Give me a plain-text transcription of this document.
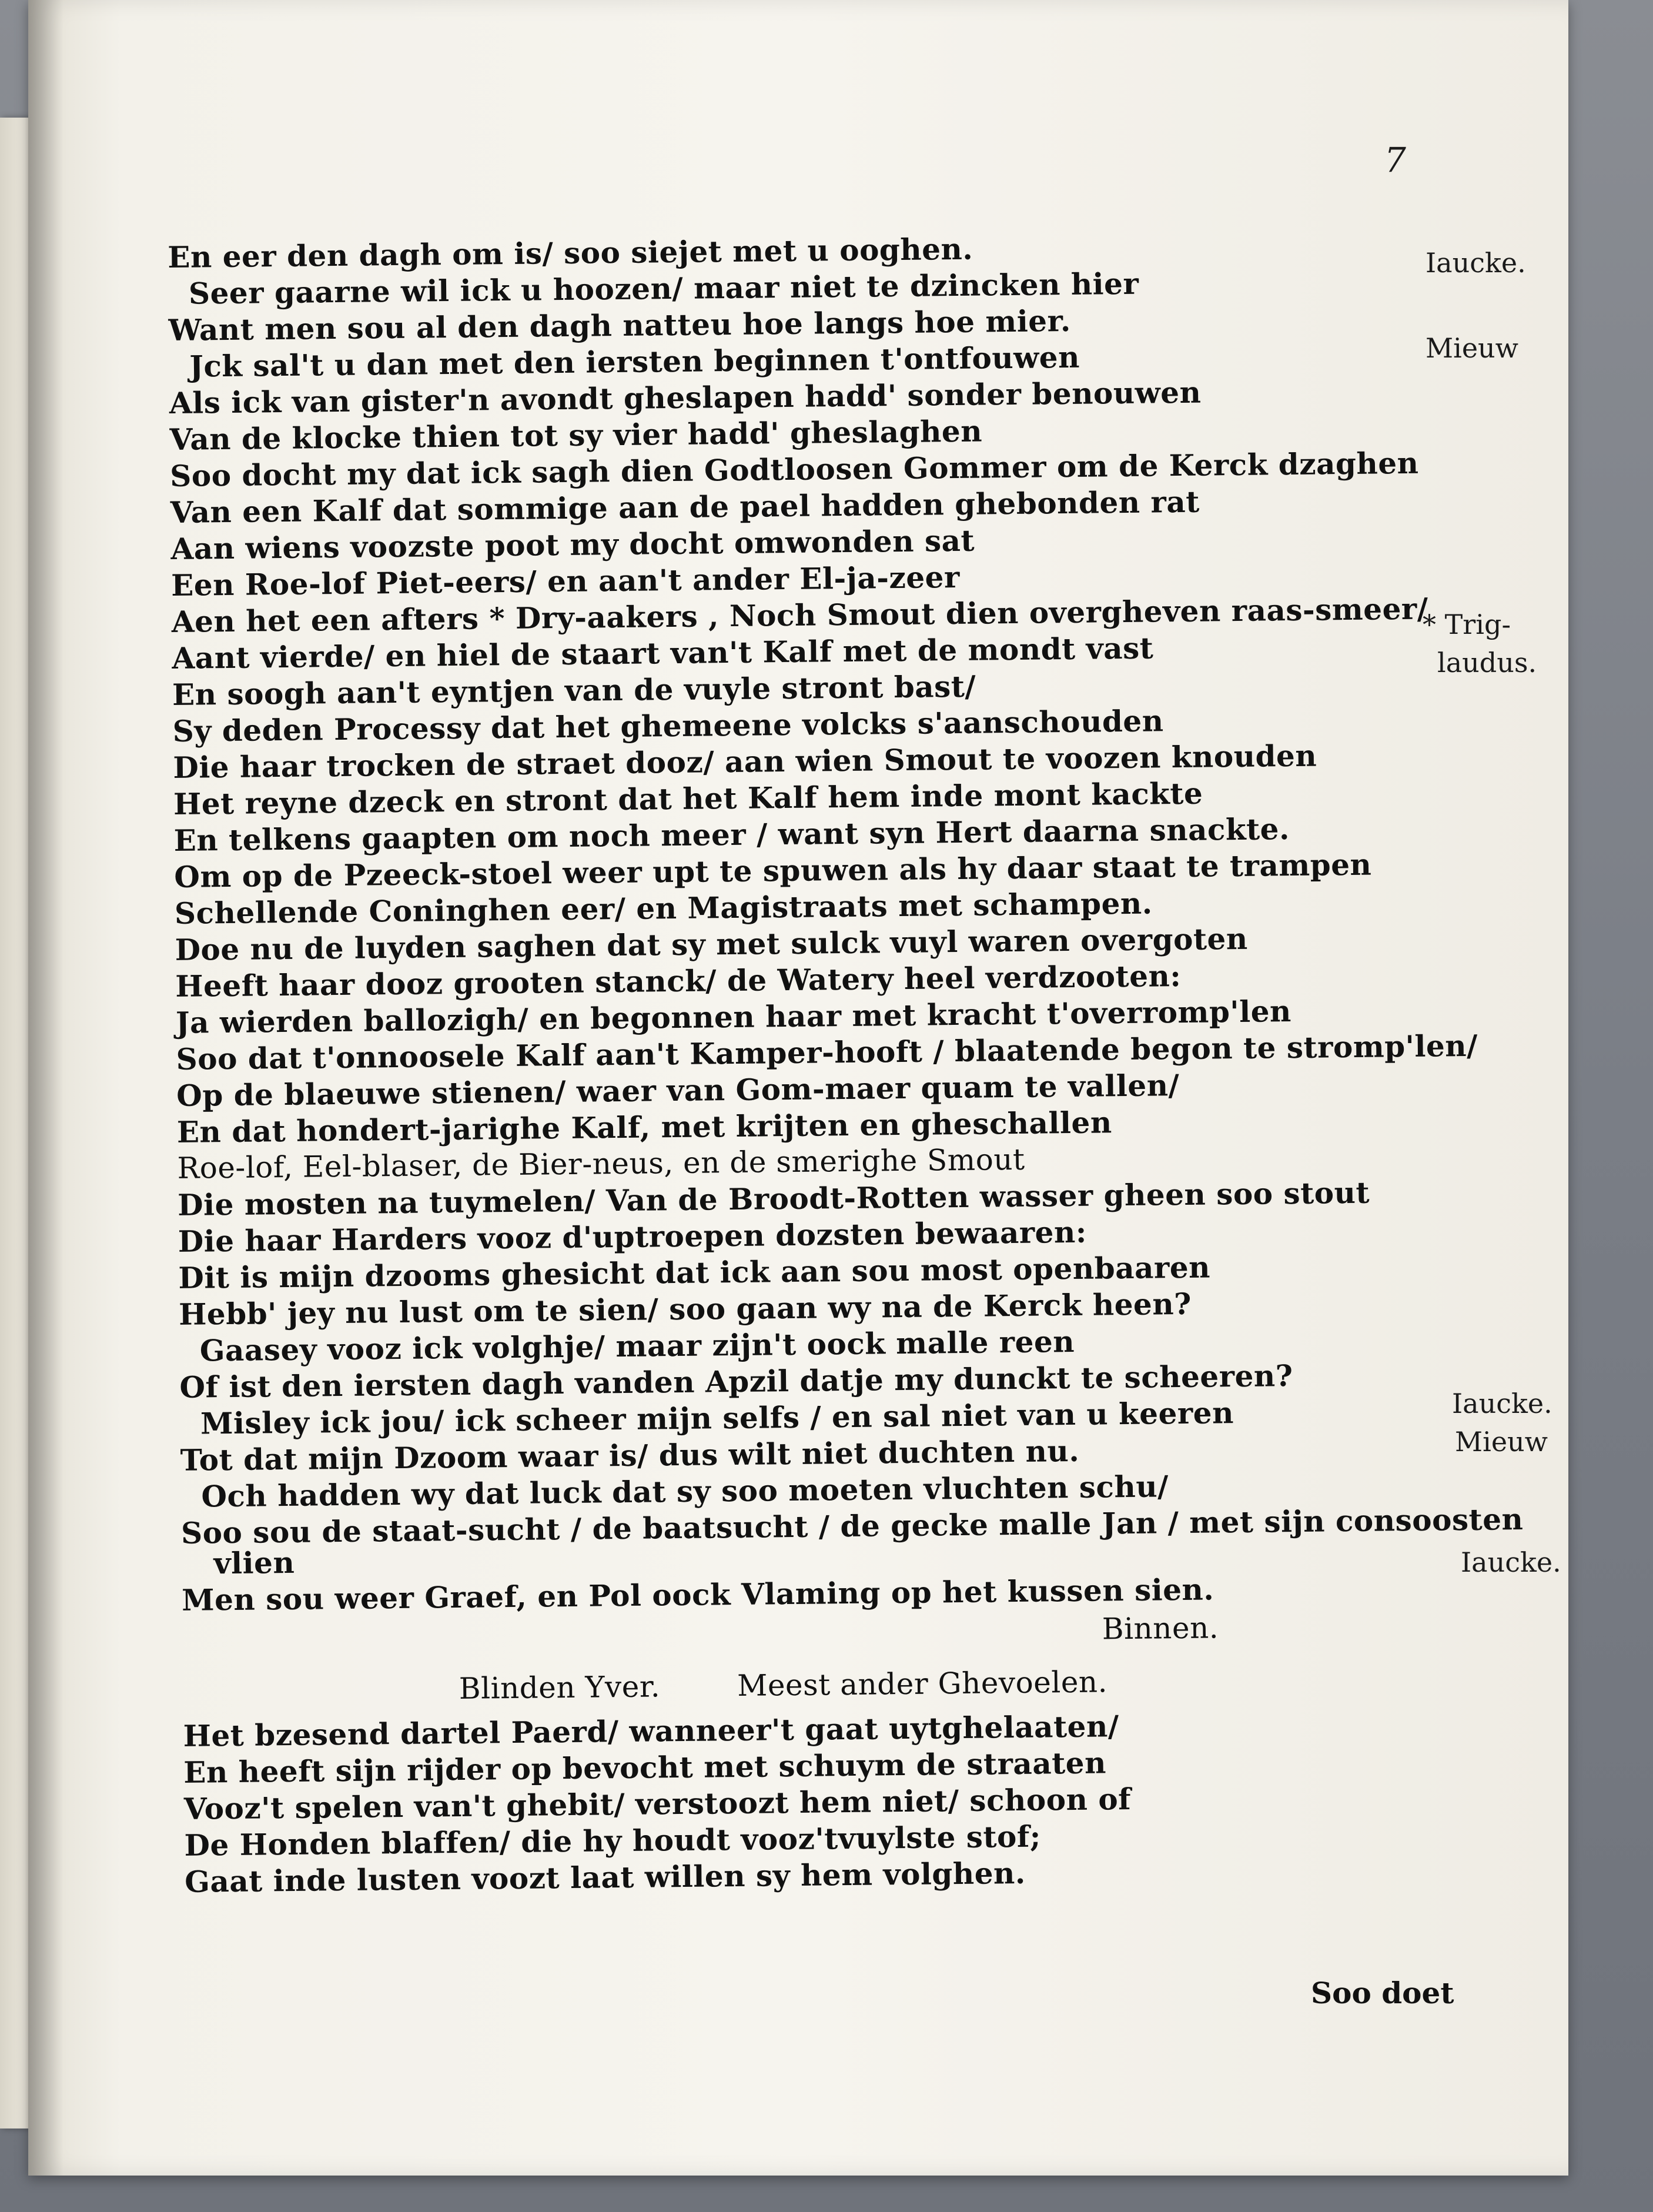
7
En eer den dagh om is/ soo siejet met u ooghen.
Seer gaarne wil ick u hoozen/ maar niet te dzincken hier
Want men sou al den dagh natteu hoe langs hoe mier.
Jck sal't u dan met den iersten beginnen t'ontfouwen
Als ick van gister'n avondt gheslapen hadd' sonder benouwen
Van de klocke thien tot sy vier hadd' gheslaghen
Soo docht my dat ick sagh dien Godtloosen Gommer om de Kerck dzaghen
Van een Kalf dat sommige aan de pael hadden ghebonden rat
Aan wiens voozste poot my docht omwonden sat
Een Roe-lof Piet-eers/ en aan't ander El-ja-zeer
Aen het een afters * Dry-aakers , Noch Smout dien overgheven raas-smeer/
Aant vierde/ en hiel de staart van't Kalf met de mondt vast
En soogh aan't eyntjen van de vuyle stront bast/
Sy deden Processy dat het ghemeene volcks s'aanschouden
Die haar trocken de straet dooz/ aan wien Smout te voozen knouden
Het reyne dzeck en stront dat het Kalf hem inde mont kackte
En telkens gaapten om noch meer / want syn Hert daarna snackte.
Om op de Pzeeck-stoel weer upt te spuwen als hy daar staat te trampen
Schellende Coninghen eer/ en Magistraats met schampen.
Doe nu de luyden saghen dat sy met sulck vuyl waren overgoten
Heeft haar dooz grooten stanck/ de Watery heel verdzooten:
Ja wierden ballozigh/ en begonnen haar met kracht t'overromp'len
Soo dat t'onnoosele Kalf aan't Kamper-hooft / blaatende begon te stromp'len/
Op de blaeuwe stienen/ waer van Gom-maer quam te vallen/
En dat hondert-jarighe Kalf, met krijten en gheschallen
Roe-lof, Eel-blaser, de Bier-neus, en de smerighe Smout
Die mosten na tuymelen/ Van de Broodt-Rotten wasser gheen soo stout
Die haar Harders vooz d'uptroepen dozsten bewaaren:
Dit is mijn dzooms ghesicht dat ick aan sou most openbaaren
Hebb' jey nu lust om te sien/ soo gaan wy na de Kerck heen?
Gaasey vooz ick volghje/ maar zijn't oock malle reen
Of ist den iersten dagh vanden Apzil datje my dunckt te scheeren?
Misley ick jou/ ick scheer mijn selfs / en sal niet van u keeren
Tot dat mijn Dzoom waar is/ dus wilt niet duchten nu.
Och hadden wy dat luck dat sy soo moeten vluchten schu/
Soo sou de staat-sucht / de baatsucht / de gecke malle Jan / met sijn consoosten
vlien
Men sou weer Graef, en Pol oock Vlaming op het kussen sien.
Binnen.
Blinden Yver.        Meest ander Ghevoelen.
Het bzesend dartel Paerd/ wanneer't gaat uytghelaaten/
En heeft sijn rijder op bevocht met schuym de straaten
Vooz't spelen van't ghebit/ verstoozt hem niet/ schoon of
De Honden blaffen/ die hy houdt vooz'tvuylste stof;
Gaat inde lusten voozt laat willen sy hem volghen.
Iaucke.
Mieuw
* Trig-
laudus.
Iaucke.
Mieuw
Iaucke.
Soo doet
